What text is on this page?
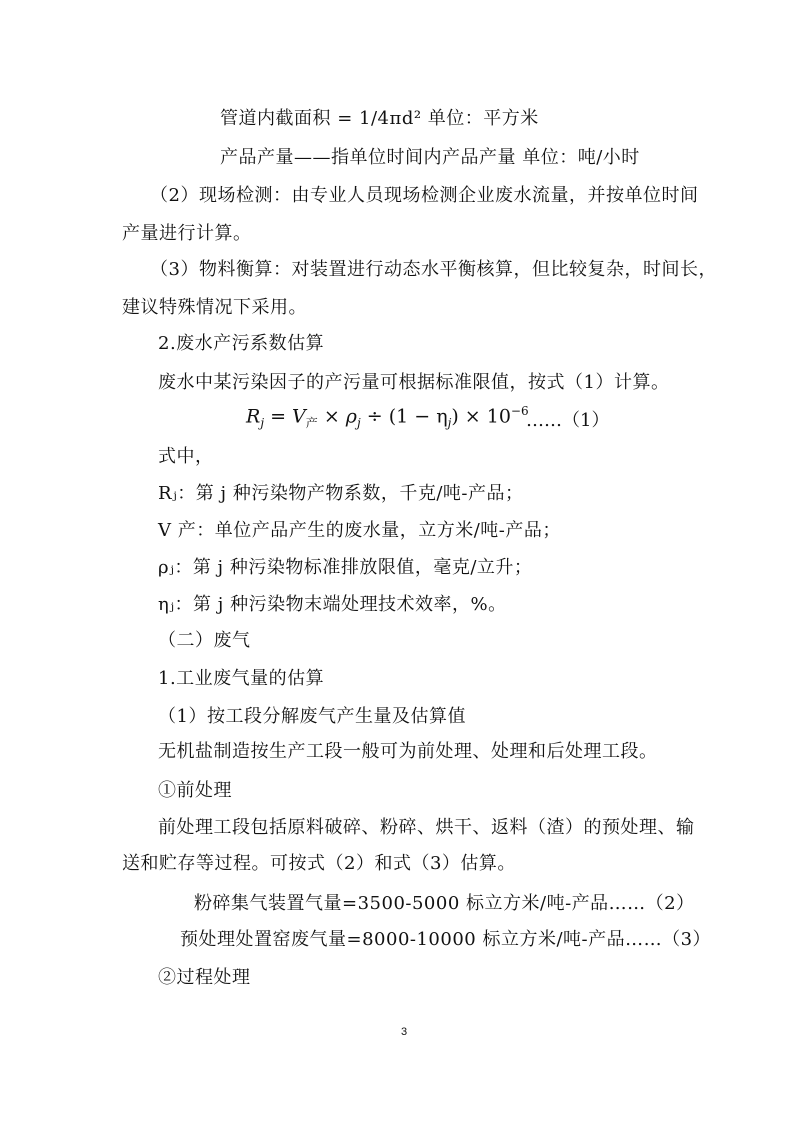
管道内截面积 = 1/4πd² 单位：平方米
产品产量——指单位时间内产品产量 单位：吨/小时
（2）现场检测：由专业人员现场检测企业废水流量，并按单位时间
产量进行计算。
（3）物料衡算：对装置进行动态水平衡核算，但比较复杂，时间长，
建议特殊情况下采用。
2.废水产污系数估算
废水中某污染因子的产污量可根据标准限值，按式（1）计算。
$R_j = V_产 \times \rho_j \div (1 - \eta_j) \times 10^{-6}$
……（1）
式中，
Rⱼ：第 j 种污染物产物系数，千克/吨-产品；
V 产：单位产品产生的废水量，立方米/吨-产品；
ρⱼ：第 j 种污染物标准排放限值，毫克/立升；
ηⱼ：第 j 种污染物末端处理技术效率，%。
（二）废气
1.工业废气量的估算
（1）按工段分解废气产生量及估算值
无机盐制造按生产工段一般可为前处理、处理和后处理工段。
①前处理
前处理工段包括原料破碎、粉碎、烘干、返料（渣）的预处理、输
送和贮存等过程。可按式（2）和式（3）估算。
粉碎集气装置气量=3500-5000 标立方米/吨-产品……（2）
预处理处置窑废气量=8000-10000 标立方米/吨-产品……（3）
②过程处理
3
